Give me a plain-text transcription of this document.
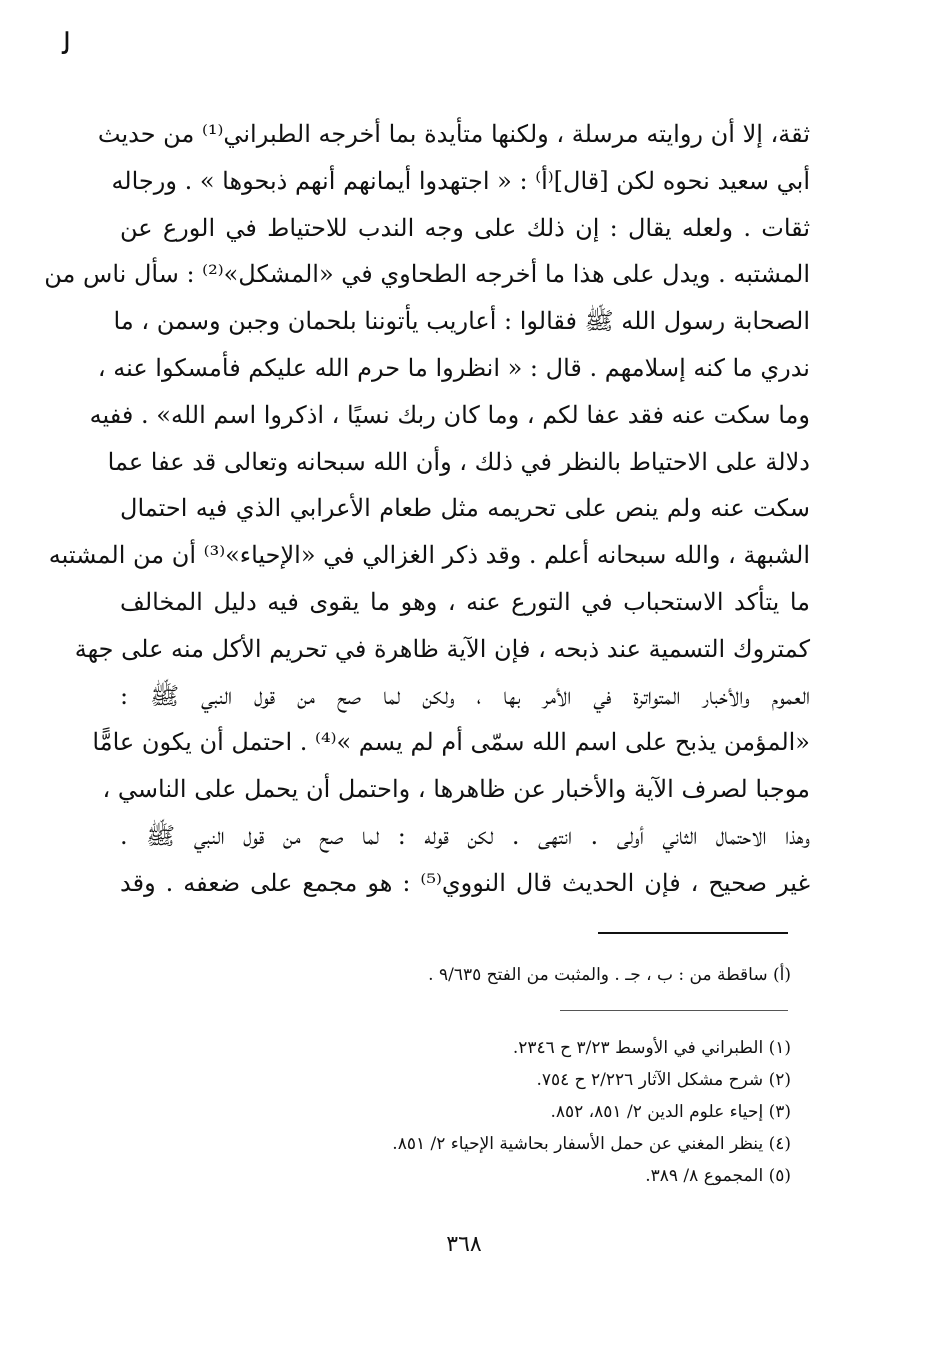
ﻟ
ثقة، إلا أن روايته مرسلة ، ولكنها متأيدة بما أخرجه الطبراني⁽¹⁾ من حديث
أبي سعيد نحوه لكن [قال]⁽أ⁾ : « اجتهدوا أيمانهم أنهم ذبحوها » . ورجاله
ثقات . ولعله يقال : إن ذلك على وجه الندب للاحتياط في الورع عن
المشتبه . ويدل على هذا ما أخرجه الطحاوي في «المشكل»⁽²⁾ : سأل ناس من
الصحابة رسول الله ﷺ فقالوا : أعاريب يأتوننا بلحمان وجبن وسمن ، ما
ندري ما كنه إسلامهم . قال : « انظروا ما حرم الله عليكم فأمسكوا عنه ،
وما سكت عنه فقد عفا لكم ، وما كان ربك نسيًا ، اذكروا اسم الله» . ففيه
دلالة على الاحتياط بالنظر في ذلك ، وأن الله سبحانه وتعالى قد عفا عما
سكت عنه ولم ينص على تحريمه مثل طعام الأعرابي الذي فيه احتمال
الشبهة ، والله سبحانه أعلم . وقد ذكر الغزالي في «الإحياء»⁽³⁾ أن من المشتبه
ما يتأكد الاستحباب في التورع عنه ، وهو ما يقوى فيه دليل المخالف
كمتروك التسمية عند ذبحه ، فإن الآية ظاهرة في تحريم الأكل منه على جهة
العموم والأخبار المتواترة في الأمر بها ، ولكن لما صح من قول النبي ﷺ :
«المؤمن يذبح على اسم الله سمّى أم لم يسم »⁽⁴⁾ . احتمل أن يكون عامًّا
موجبا لصرف الآية والأخبار عن ظاهرها ، واحتمل أن يحمل على الناسي ،
وهذا الاحتمال الثاني أولى . انتهى . لكن قوله : لما صح من قول النبي ﷺ .
غير صحيح ، فإن الحديث قال النووي⁽⁵⁾ : هو مجمع على ضعفه . وقد
(أ) ساقطة من : ب ، جـ . والمثبت من الفتح ٩/٦٣٥ .
(١) الطبراني في الأوسط ٣/٢٣ ح ٢٣٤٦.
(٢) شرح مشكل الآثار ٢/٢٢٦ ح ٧٥٤.
(٣) إحياء علوم الدين ٢/ ٨٥١، ٨٥٢.
(٤) ينظر المغني عن حمل الأسفار بحاشية الإحياء ٢/ ٨٥١.
(٥) المجموع ٨/ ٣٨٩.
٣٦٨
